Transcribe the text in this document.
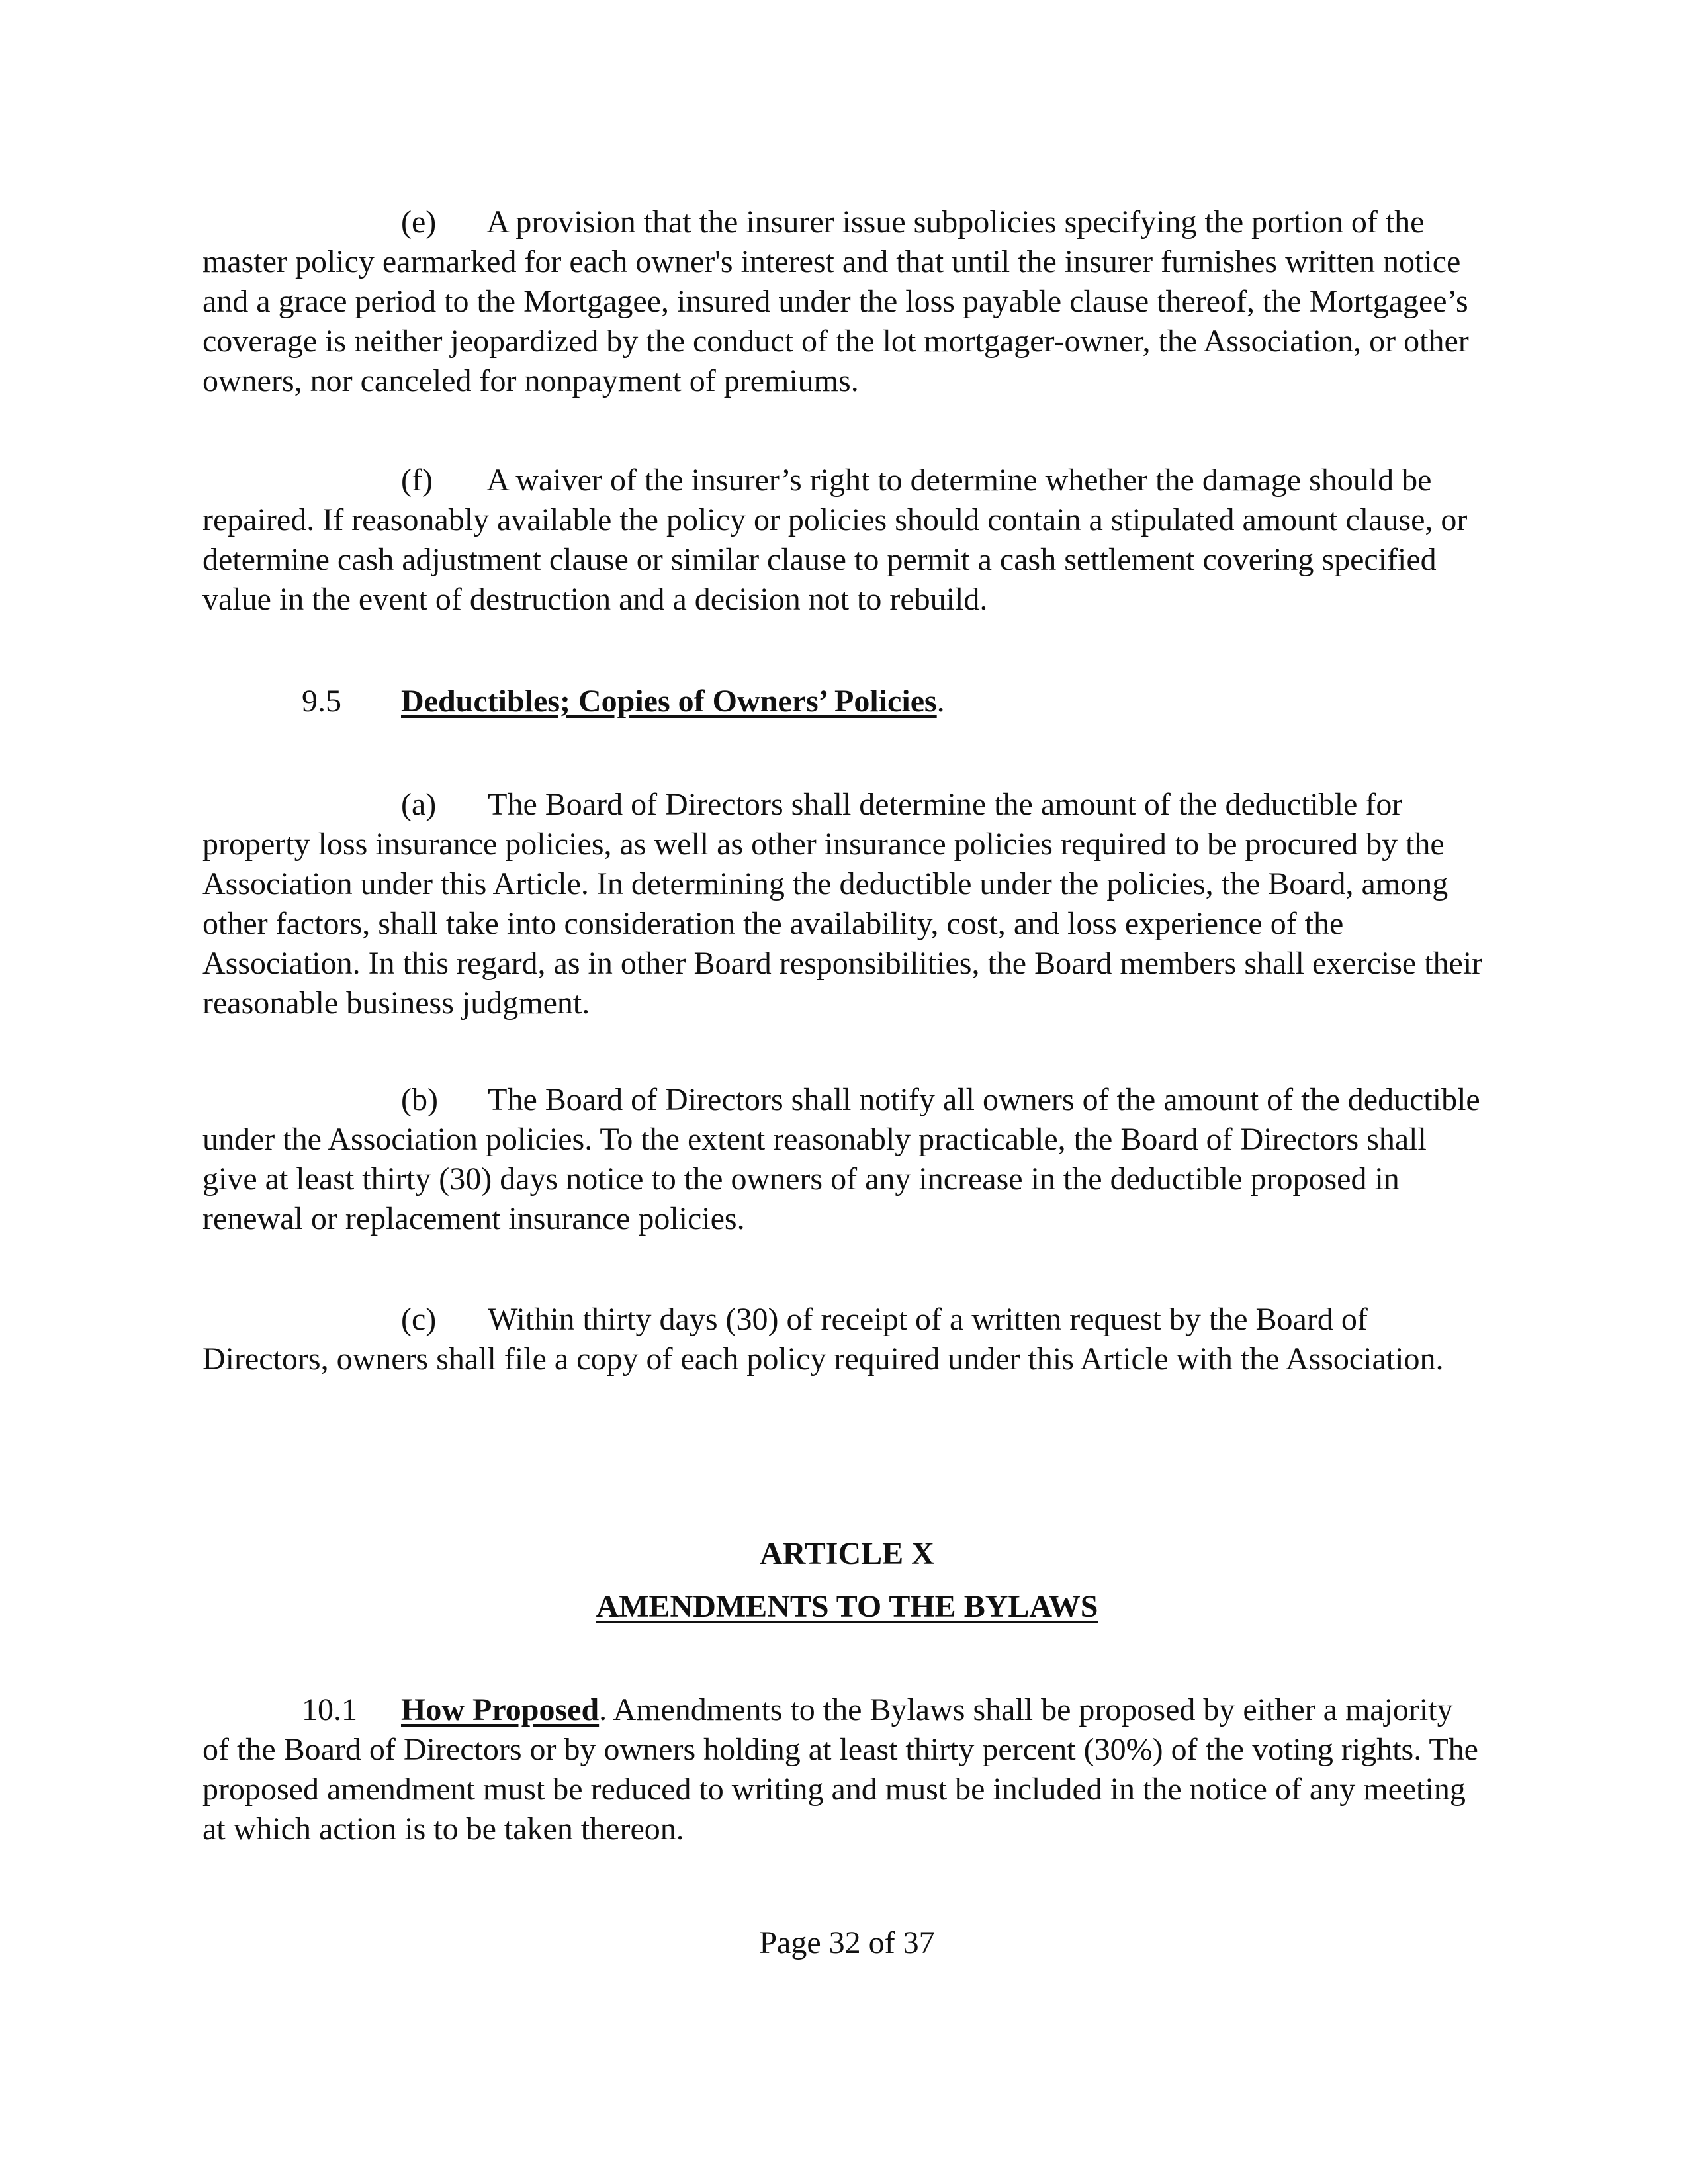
(e) A provision that the insurer issue subpolicies specifying the portion of the master policy earmarked for each owner's interest and that until the insurer furnishes written notice and a grace period to the Mortgagee, insured under the loss payable clause thereof, the Mortgagee’s coverage is neither jeopardized by the conduct of the lot mortgager-owner, the Association, or other owners, nor canceled for nonpayment of premiums.

(f) A waiver of the insurer’s right to determine whether the damage should be repaired. If reasonably available the policy or policies should contain a stipulated amount clause, or determine cash adjustment clause or similar clause to permit a cash settlement covering specified value in the event of destruction and a decision not to rebuild.

9.5 Deductibles; Copies of Owners’ Policies.

(a) The Board of Directors shall determine the amount of the deductible for property loss insurance policies, as well as other insurance policies required to be procured by the Association under this Article. In determining the deductible under the policies, the Board, among other factors, shall take into consideration the availability, cost, and loss experience of the Association. In this regard, as in other Board responsibilities, the Board members shall exercise their reasonable business judgment.

(b) The Board of Directors shall notify all owners of the amount of the deductible under the Association policies. To the extent reasonably practicable, the Board of Directors shall give at least thirty (30) days notice to the owners of any increase in the deductible proposed in renewal or replacement insurance policies.

(c) Within thirty days (30) of receipt of a written request by the Board of Directors, owners shall file a copy of each policy required under this Article with the Association.

ARTICLE X
AMENDMENTS TO THE BYLAWS

10.1 How Proposed. Amendments to the Bylaws shall be proposed by either a majority of the Board of Directors or by owners holding at least thirty percent (30%) of the voting rights. The proposed amendment must be reduced to writing and must be included in the notice of any meeting at which action is to be taken thereon.

Page 32 of 37
